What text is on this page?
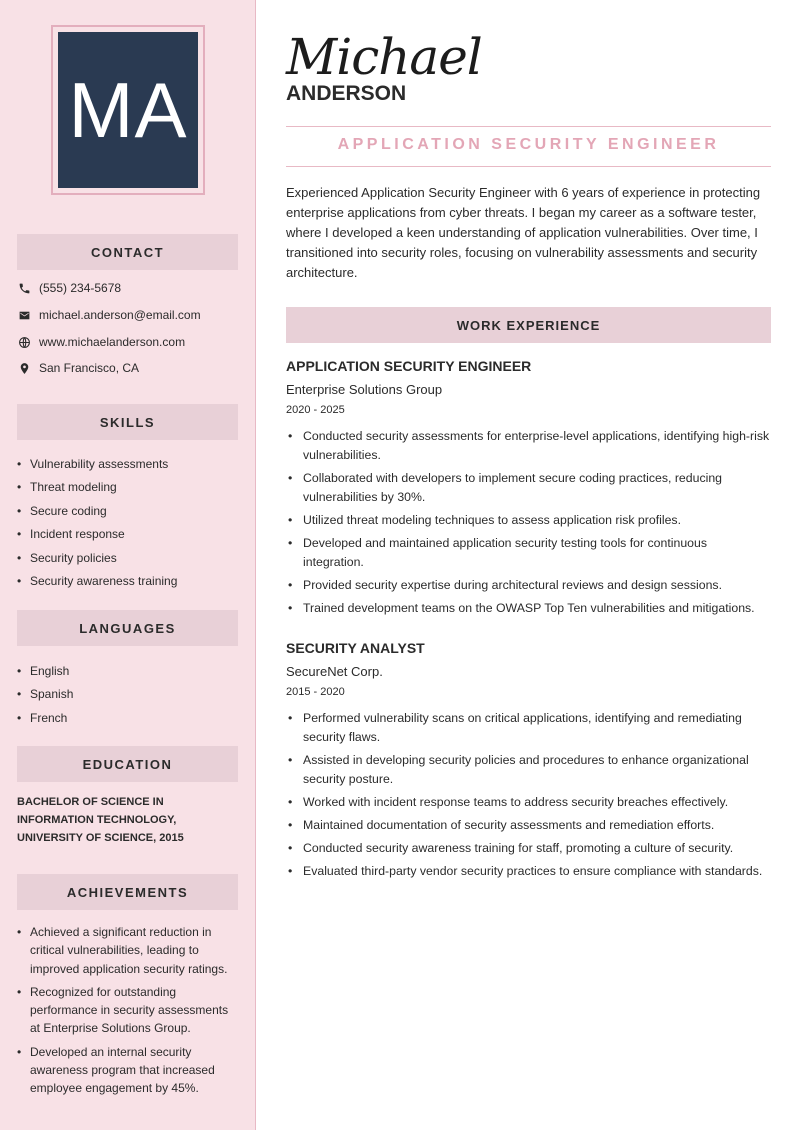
MA
CONTACT
(555) 234-5678
michael.anderson@email.com
www.michaelanderson.com
San Francisco, CA
SKILLS
• Vulnerability assessments
• Threat modeling
• Secure coding
• Incident response
• Security policies
• Security awareness training
LANGUAGES
• English
• Spanish
• French
EDUCATION
BACHELOR OF SCIENCE IN INFORMATION TECHNOLOGY, UNIVERSITY OF SCIENCE, 2015
ACHIEVEMENTS
• Achieved a significant reduction in critical vulnerabilities, leading to improved application security ratings.
• Recognized for outstanding performance in security assessments at Enterprise Solutions Group.
• Developed an internal security awareness program that increased employee engagement by 45%.
Michael
ANDERSON
APPLICATION SECURITY ENGINEER
Experienced Application Security Engineer with 6 years of experience in protecting enterprise applications from cyber threats. I began my career as a software tester, where I developed a keen understanding of application vulnerabilities. Over time, I transitioned into security roles, focusing on vulnerability assessments and security architecture.
WORK EXPERIENCE
APPLICATION SECURITY ENGINEER
Enterprise Solutions Group
2020 - 2025
• Conducted security assessments for enterprise-level applications, identifying high-risk vulnerabilities.
• Collaborated with developers to implement secure coding practices, reducing vulnerabilities by 30%.
• Utilized threat modeling techniques to assess application risk profiles.
• Developed and maintained application security testing tools for continuous integration.
• Provided security expertise during architectural reviews and design sessions.
• Trained development teams on the OWASP Top Ten vulnerabilities and mitigations.
SECURITY ANALYST
SecureNet Corp.
2015 - 2020
• Performed vulnerability scans on critical applications, identifying and remediating security flaws.
• Assisted in developing security policies and procedures to enhance organizational security posture.
• Worked with incident response teams to address security breaches effectively.
• Maintained documentation of security assessments and remediation efforts.
• Conducted security awareness training for staff, promoting a culture of security.
• Evaluated third-party vendor security practices to ensure compliance with standards.
